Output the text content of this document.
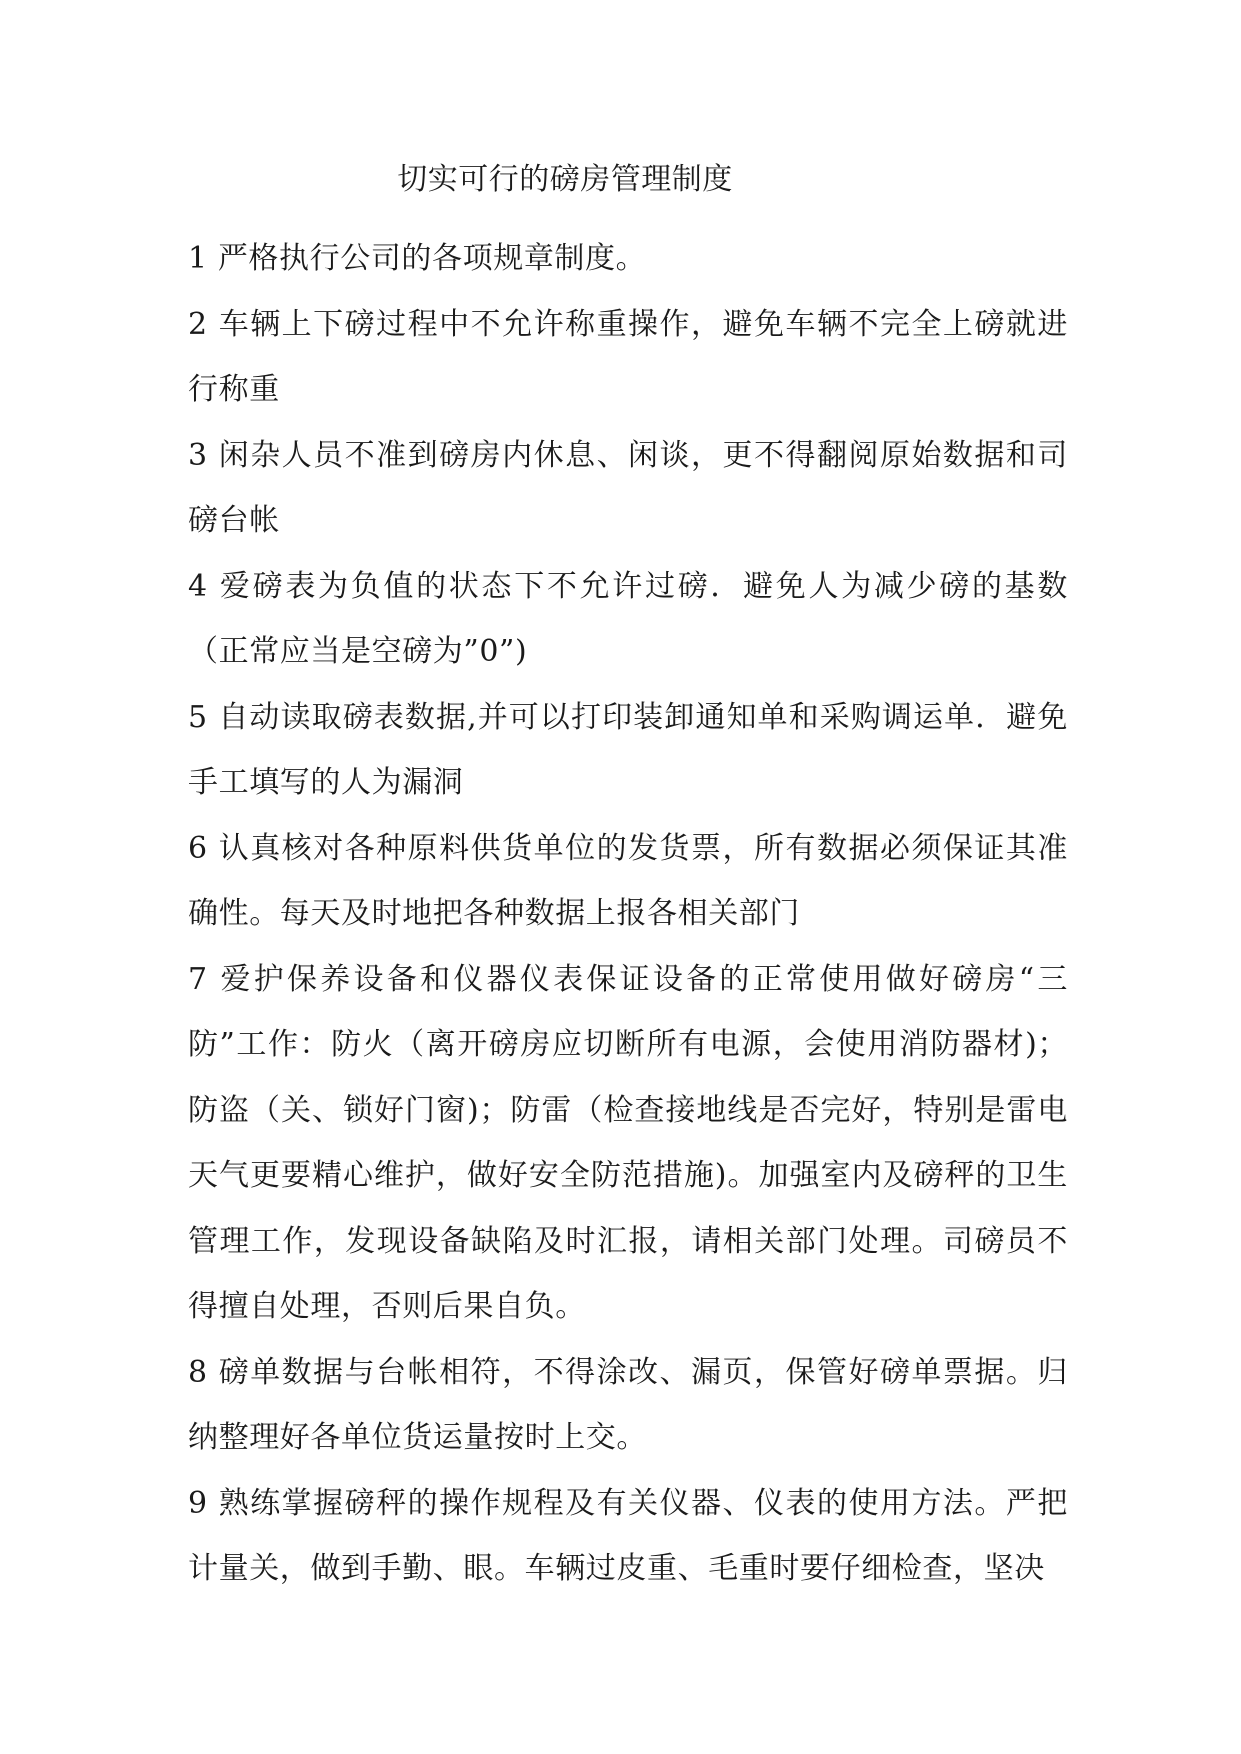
切实可行的磅房管理制度

1 严格执行公司的各项规章制度。

2 车辆上下磅过程中不允许称重操作，避免车辆不完全上磅就进行称重

3 闲杂人员不准到磅房内休息、闲谈，更不得翻阅原始数据和司磅台帐

4 爱磅表为负值的状态下不允许过磅．避免人为减少磅的基数（正常应当是空磅为”0”)

5 自动读取磅表数据,并可以打印装卸通知单和采购调运单．避免手工填写的人为漏洞

6 认真核对各种原料供货单位的发货票，所有数据必须保证其准确性。每天及时地把各种数据上报各相关部门

7 爱护保养设备和仪器仪表保证设备的正常使用做好磅房“三防”工作：防火（离开磅房应切断所有电源，会使用消防器材)；防盗（关、锁好门窗)；防雷（检查接地线是否完好，特别是雷电天气更要精心维护，做好安全防范措施)。加强室内及磅秤的卫生管理工作，发现设备缺陷及时汇报，请相关部门处理。司磅员不得擅自处理，否则后果自负。

8 磅单数据与台帐相符，不得涂改、漏页，保管好磅单票据。归纳整理好各单位货运量按时上交。

9 熟练掌握磅秤的操作规程及有关仪器、仪表的使用方法。严把计量关，做到手勤、眼。车辆过皮重、毛重时要仔细检查，坚决
